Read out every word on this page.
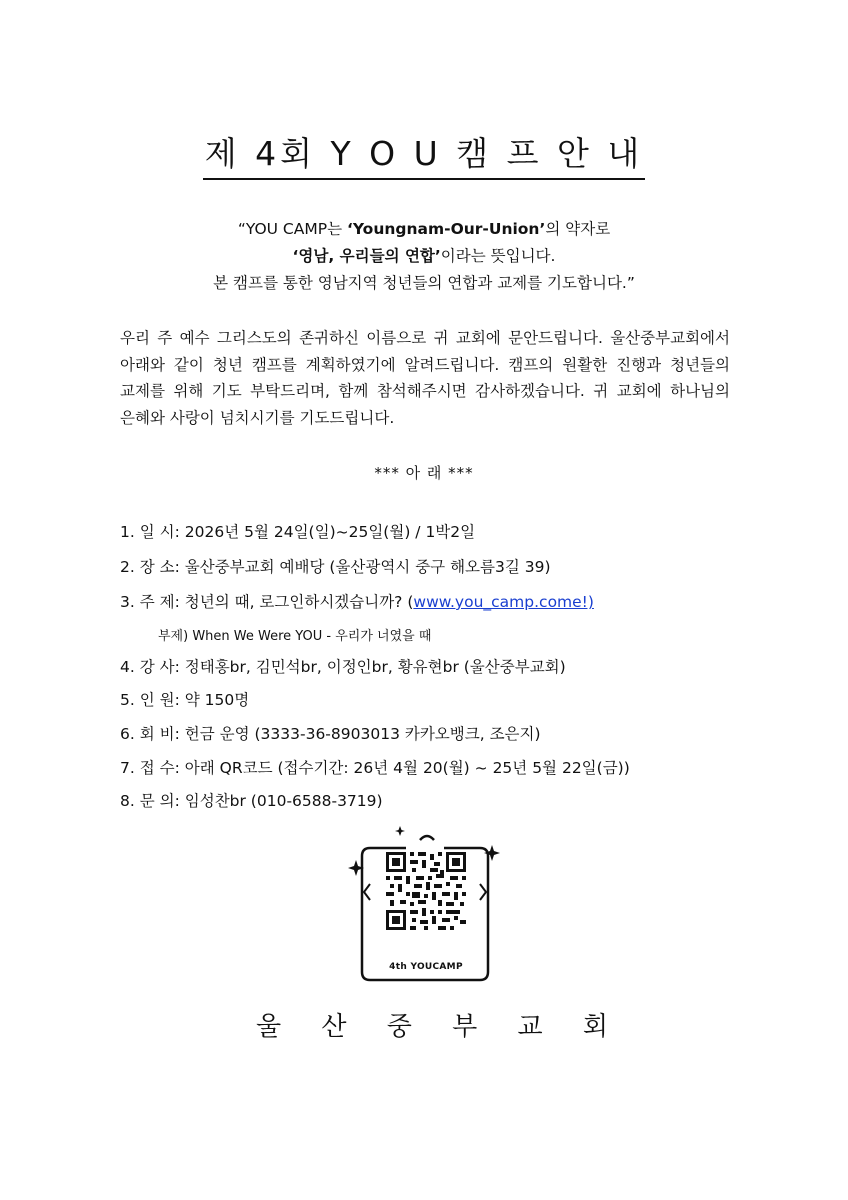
제 4회 Y O U 캠 프 안 내
“YOU CAMP는 ‘Youngnam-Our-Union’의 약자로
‘영남, 우리들의 연합’이라는 뜻입니다.
본 캠프를 통한 영남지역 청년들의 연합과 교제를 기도합니다.”
우리 주 예수 그리스도의 존귀하신 이름으로 귀 교회에 문안드립니다. 울산중부교회에서 아래와 같이 청년 캠프를 계획하였기에 알려드립니다. 캠프의 원활한 진행과 청년들의 교제를 위해 기도 부탁드리며, 함께 참석해주시면 감사하겠습니다. 귀 교회에 하나님의 은혜와 사랑이 넘치시기를 기도드립니다.
*** 아 래 ***
1. 일 시: 2026년 5월 24일(일)~25일(월) / 1박2일
2. 장 소: 울산중부교회 예배당 (울산광역시 중구 해오름3길 39)
3. 주 제: 청년의 때, 로그인하시겠습니까? (www.you_camp.come!)
부제) When We Were YOU - 우리가 너였을 때
4. 강 사: 정태홍br, 김민석br, 이정인br, 황유현br (울산중부교회)
5. 인 원: 약 150명
6. 회 비: 헌금 운영 (3333-36-8903013 카카오뱅크, 조은지)
7. 접 수: 아래 QR코드 (접수기간: 26년 4월 20(월) ~ 25년 5월 22일(금))
8. 문 의: 임성찬br (010-6588-3719)
4th YOUCAMP
울 산 중 부 교 회
